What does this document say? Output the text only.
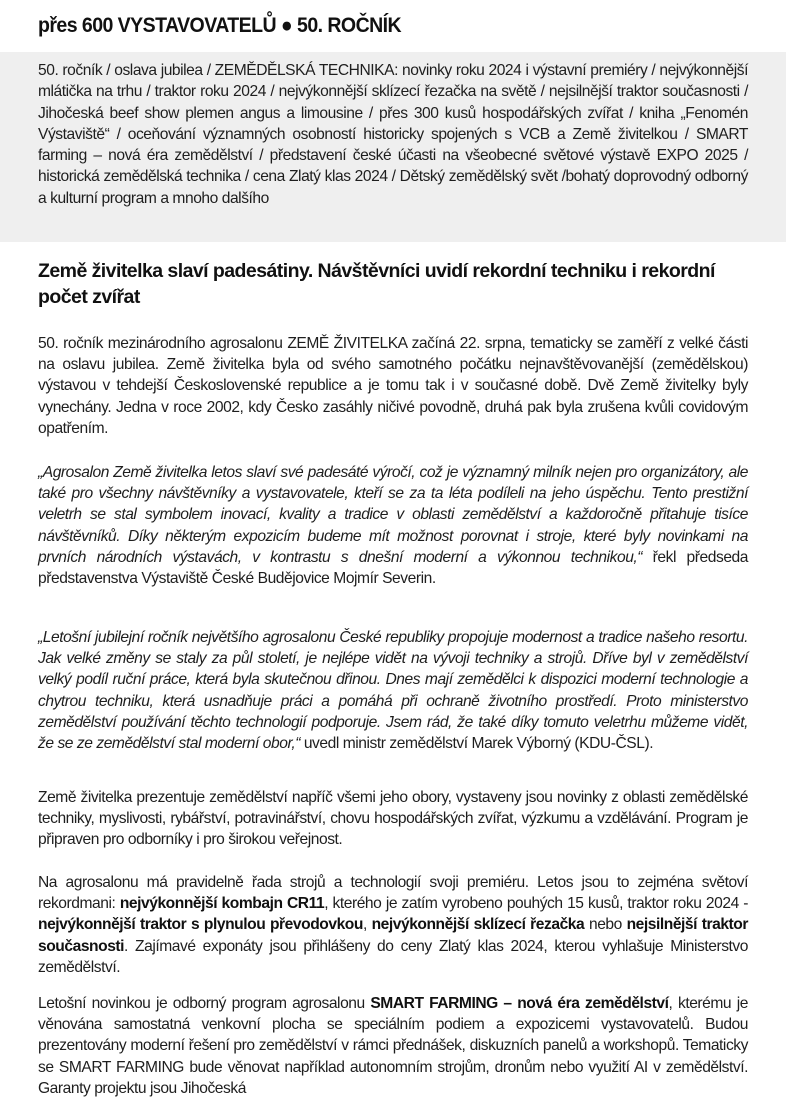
přes 600 VYSTAVOVATELŮ ● 50. ROČNÍK
50. ročník / oslava jubilea / ZEMĚDĚLSKÁ TECHNIKA: novinky roku 2024 i výstavní premiéry / nejvýkonnější mlátička na trhu / traktor roku 2024 / nejvýkonnější sklízecí řezačka na světě / nejsilnější traktor současnosti / Jihočeská beef show plemen angus a limousine / přes 300 kusů hospodářských zvířat / kniha „Fenomén Výstaviště“ / oceňování významných osobností historicky spojených s VCB a Země živitelkou / SMART farming – nová éra zemědělství / představení české účasti na všeobecné světové výstavě EXPO 2025 / historická zemědělská technika / cena Zlatý klas 2024 / Dětský zemědělský svět /bohatý doprovodný odborný a kulturní program a mnoho dalšího
Země živitelka slaví padesátiny. Návštěvníci uvidí rekordní techniku i rekordní počet zvířat

50. ročník mezinárodního agrosalonu ZEMĚ ŽIVITELKA začíná 22. srpna, tematicky se zaměří z velké části na oslavu jubilea. Země živitelka byla od svého samotného počátku nejnavštěvovanější (zemědělskou) výstavou v tehdejší Československé republice a je tomu tak i v současné době. Dvě Země živitelky byly vynechány. Jedna v roce 2002, kdy Česko zasáhly ničivé povodně, druhá pak byla zrušena kvůli covidovým opatřením.

„Agrosalon Země živitelka letos slaví své padesáté výročí, což je významný milník nejen pro organizátory, ale také pro všechny návštěvníky a vystavovatele, kteří se za ta léta podíleli na jeho úspěchu. Tento prestižní veletrh se stal symbolem inovací, kvality a tradice v oblasti zemědělství a každoročně přitahuje tisíce návštěvníků. Díky některým expozicím budeme mít možnost porovnat i stroje, které byly novinkami na prvních národních výstavách, v kontrastu s dnešní moderní a výkonnou technikou,“ řekl předseda představenstva Výstaviště České Budějovice Mojmír Severin.

„Letošní jubilejní ročník největšího agrosalonu České republiky propojuje modernost a tradice našeho resortu. Jak velké změny se staly za půl století, je nejlépe vidět na vývoji techniky a strojů. Dříve byl v zemědělství velký podíl ruční práce, která byla skutečnou dřinou. Dnes mají zemědělci k dispozici moderní technologie a chytrou techniku, která usnadňuje práci a pomáhá při ochraně životního prostředí. Proto ministerstvo zemědělství používání těchto technologií podporuje. Jsem rád, že také díky tomuto veletrhu můžeme vidět, že se ze zemědělství stal moderní obor,“ uvedl ministr zemědělství Marek Výborný (KDU-ČSL).

Země živitelka prezentuje zemědělství napříč všemi jeho obory, vystaveny jsou novinky z oblasti zemědělské techniky, myslivosti, rybářství, potravinářství, chovu hospodářských zvířat, výzkumu a vzdělávání. Program je připraven pro odborníky i pro širokou veřejnost.

Na agrosalonu má pravidelně řada strojů a technologií svoji premiéru. Letos jsou to zejména světoví rekordmani: nejvýkonnější kombajn CR11, kterého je zatím vyrobeno pouhých 15 kusů, traktor roku 2024 - nejvýkonnější traktor s plynulou převodovkou, nejvýkonnější sklízecí řezačka nebo nejsilnější traktor současnosti. Zajímavé exponáty jsou přihlášeny do ceny Zlatý klas 2024, kterou vyhlašuje Ministerstvo zemědělství.

Letošní novinkou je odborný program agrosalonu SMART FARMING – nová éra zemědělství, kterému je věnována samostatná venkovní plocha se speciálním podiem a expozicemi vystavovatelů. Budou prezentovány moderní řešení pro zemědělství v rámci přednášek, diskuzních panelů a workshopů. Tematicky se SMART FARMING bude věnovat například autonomním strojům, dronům nebo využití AI v zemědělství. Garanty projektu jsou Jihočeská
